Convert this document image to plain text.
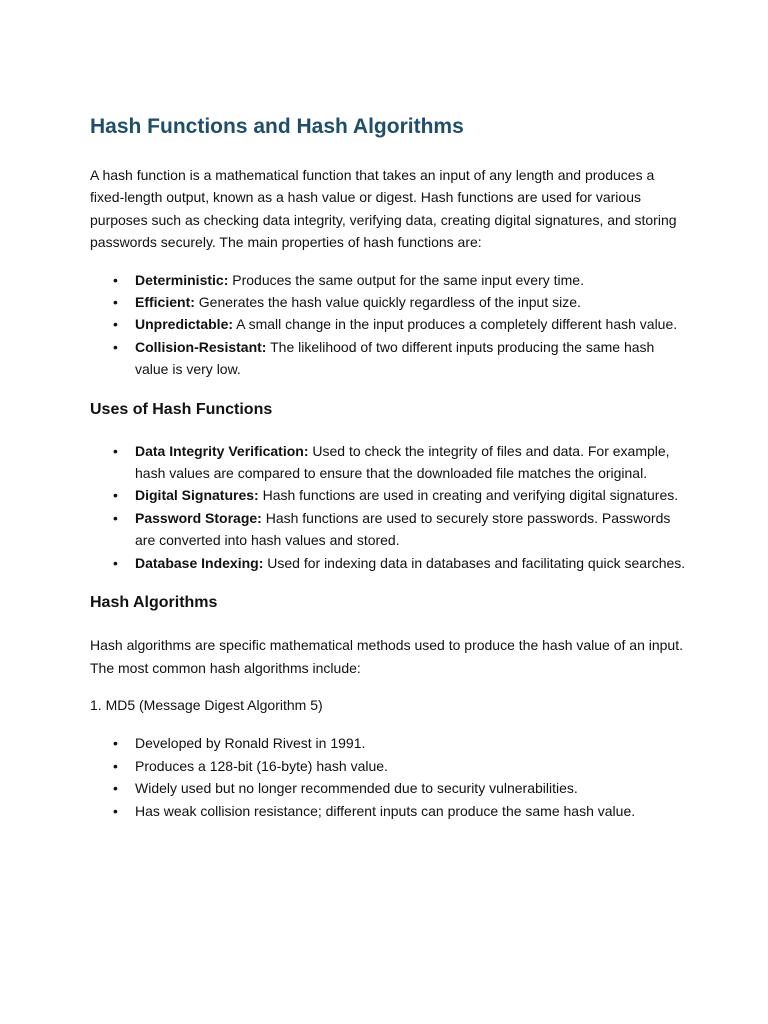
Hash Functions and Hash Algorithms

A hash function is a mathematical function that takes an input of any length and produces a fixed-length output, known as a hash value or digest. Hash functions are used for various purposes such as checking data integrity, verifying data, creating digital signatures, and storing passwords securely. The main properties of hash functions are:

• Deterministic: Produces the same output for the same input every time.
• Efficient: Generates the hash value quickly regardless of the input size.
• Unpredictable: A small change in the input produces a completely different hash value.
• Collision-Resistant: The likelihood of two different inputs producing the same hash value is very low.
Uses of Hash Functions
• Data Integrity Verification: Used to check the integrity of files and data. For example, hash values are compared to ensure that the downloaded file matches the original.
• Digital Signatures: Hash functions are used in creating and verifying digital signatures.
• Password Storage: Hash functions are used to securely store passwords. Passwords are converted into hash values and stored.
• Database Indexing: Used for indexing data in databases and facilitating quick searches.
Hash Algorithms

Hash algorithms are specific mathematical methods used to produce the hash value of an input. The most common hash algorithms include:

1. MD5 (Message Digest Algorithm 5)

• Developed by Ronald Rivest in 1991.
• Produces a 128-bit (16-byte) hash value.
• Widely used but no longer recommended due to security vulnerabilities.
• Has weak collision resistance; different inputs can produce the same hash value.
